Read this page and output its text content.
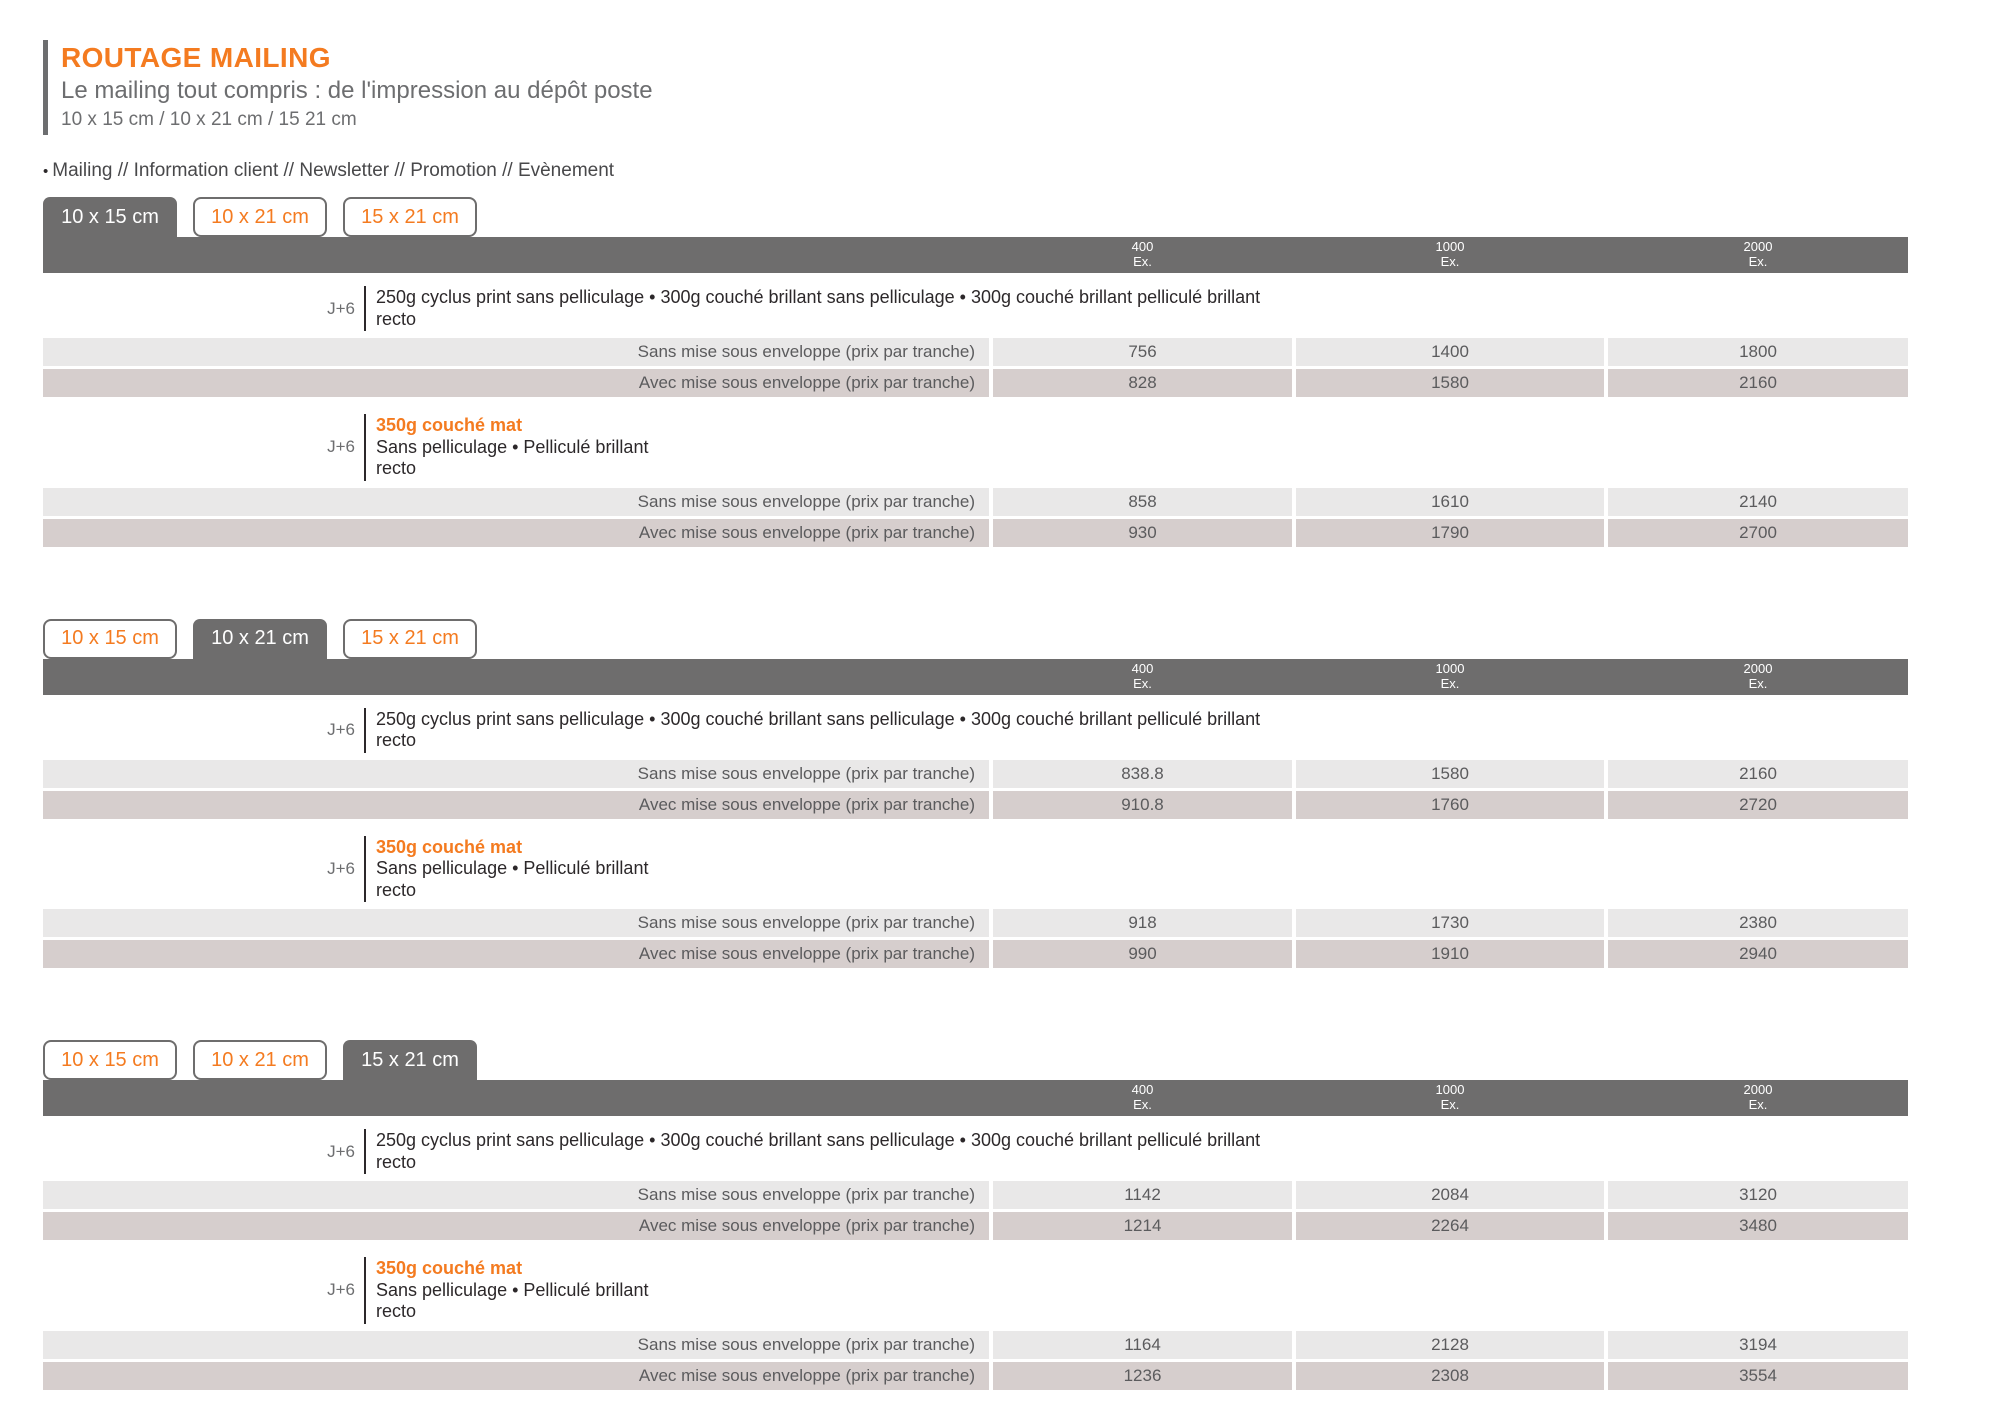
ROUTAGE MAILING
Le mailing tout compris : de l'impression au dépôt poste
10 x 15 cm / 10 x 21 cm / 15 21 cm
• Mailing // Information client // Newsletter // Promotion // Evènement
10 x 15 cm	10 x 21 cm	15 x 21 cm
400
Ex.
1000
Ex.
2000
Ex.
J+6
250g cyclus print sans pelliculage • 300g couché brillant sans pelliculage • 300g couché brillant pelliculé brillant
recto
Sans mise sous enveloppe (prix par tranche)	756	1400	1800
Avec mise sous enveloppe (prix par tranche)	828	1580	2160
J+6
350g couché mat
Sans pelliculage • Pelliculé brillant
recto
Sans mise sous enveloppe (prix par tranche)	858	1610	2140
Avec mise sous enveloppe (prix par tranche)	930	1790	2700
10 x 15 cm	10 x 21 cm	15 x 21 cm
400
Ex.
1000
Ex.
2000
Ex.
J+6
250g cyclus print sans pelliculage • 300g couché brillant sans pelliculage • 300g couché brillant pelliculé brillant
recto
Sans mise sous enveloppe (prix par tranche)	838.8	1580	2160
Avec mise sous enveloppe (prix par tranche)	910.8	1760	2720
J+6
350g couché mat
Sans pelliculage • Pelliculé brillant
recto
Sans mise sous enveloppe (prix par tranche)	918	1730	2380
Avec mise sous enveloppe (prix par tranche)	990	1910	2940
10 x 15 cm	10 x 21 cm	15 x 21 cm
400
Ex.
1000
Ex.
2000
Ex.
J+6
250g cyclus print sans pelliculage • 300g couché brillant sans pelliculage • 300g couché brillant pelliculé brillant
recto
Sans mise sous enveloppe (prix par tranche)	1142	2084	3120
Avec mise sous enveloppe (prix par tranche)	1214	2264	3480
J+6
350g couché mat
Sans pelliculage • Pelliculé brillant
recto
Sans mise sous enveloppe (prix par tranche)	1164	2128	3194
Avec mise sous enveloppe (prix par tranche)	1236	2308	3554
